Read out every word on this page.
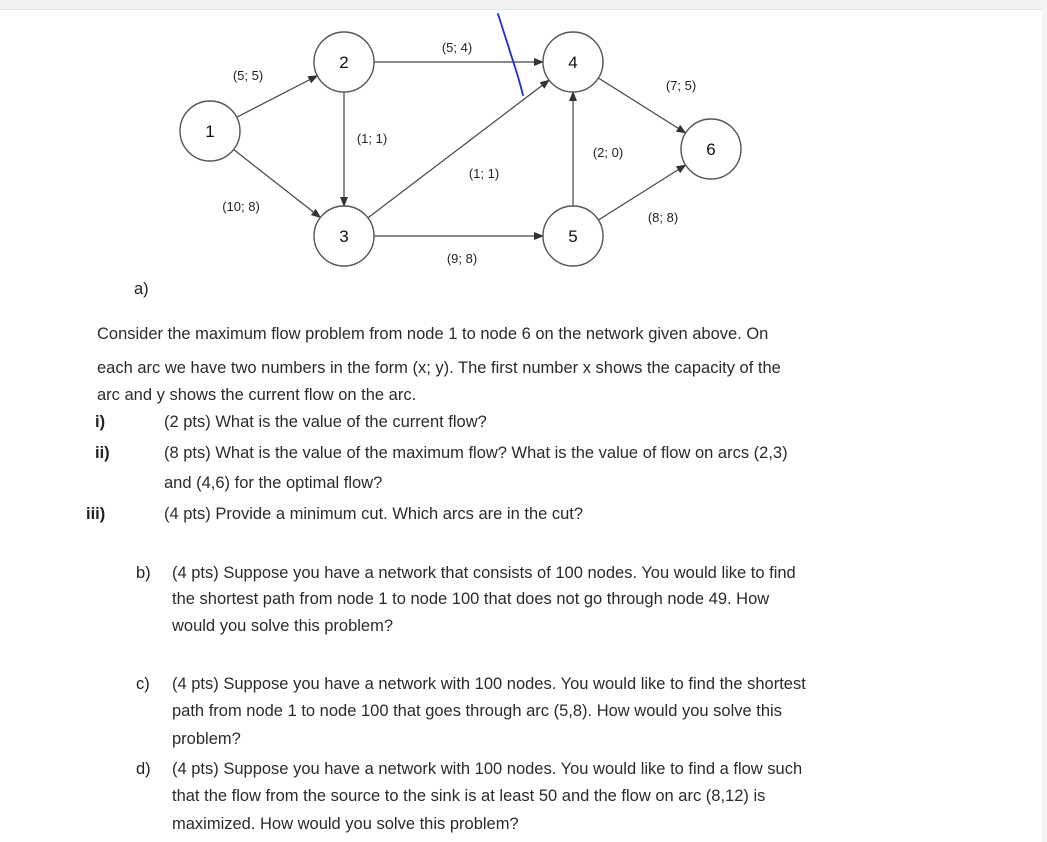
(5; 5)
(10; 8)
(1; 1)
(5; 4)
(1; 1)
(9; 8)
(2; 0)
(7; 5)
(8; 8)
1
2
3
4
5
6
a)
Consider the maximum flow problem from node 1 to node 6 on the network given above. On
each arc we have two numbers in the form (x; y). The first number x shows the capacity of the
arc and y shows the current flow on the arc.
i)	(2 pts) What is the value of the current flow?
ii)	(8 pts) What is the value of the maximum flow? What is the value of flow on arcs (2,3)
and (4,6) for the optimal flow?
iii)	(4 pts) Provide a minimum cut. Which arcs are in the cut?
b) (4 pts) Suppose you have a network that consists of 100 nodes. You would like to find
the shortest path from node 1 to node 100 that does not go through node 49. How
would you solve this problem?
c) (4 pts) Suppose you have a network with 100 nodes. You would like to find the shortest
path from node 1 to node 100 that goes through arc (5,8). How would you solve this
problem?
d) (4 pts) Suppose you have a network with 100 nodes. You would like to find a flow such
that the flow from the source to the sink is at least 50 and the flow on arc (8,12) is
maximized. How would you solve this problem?
